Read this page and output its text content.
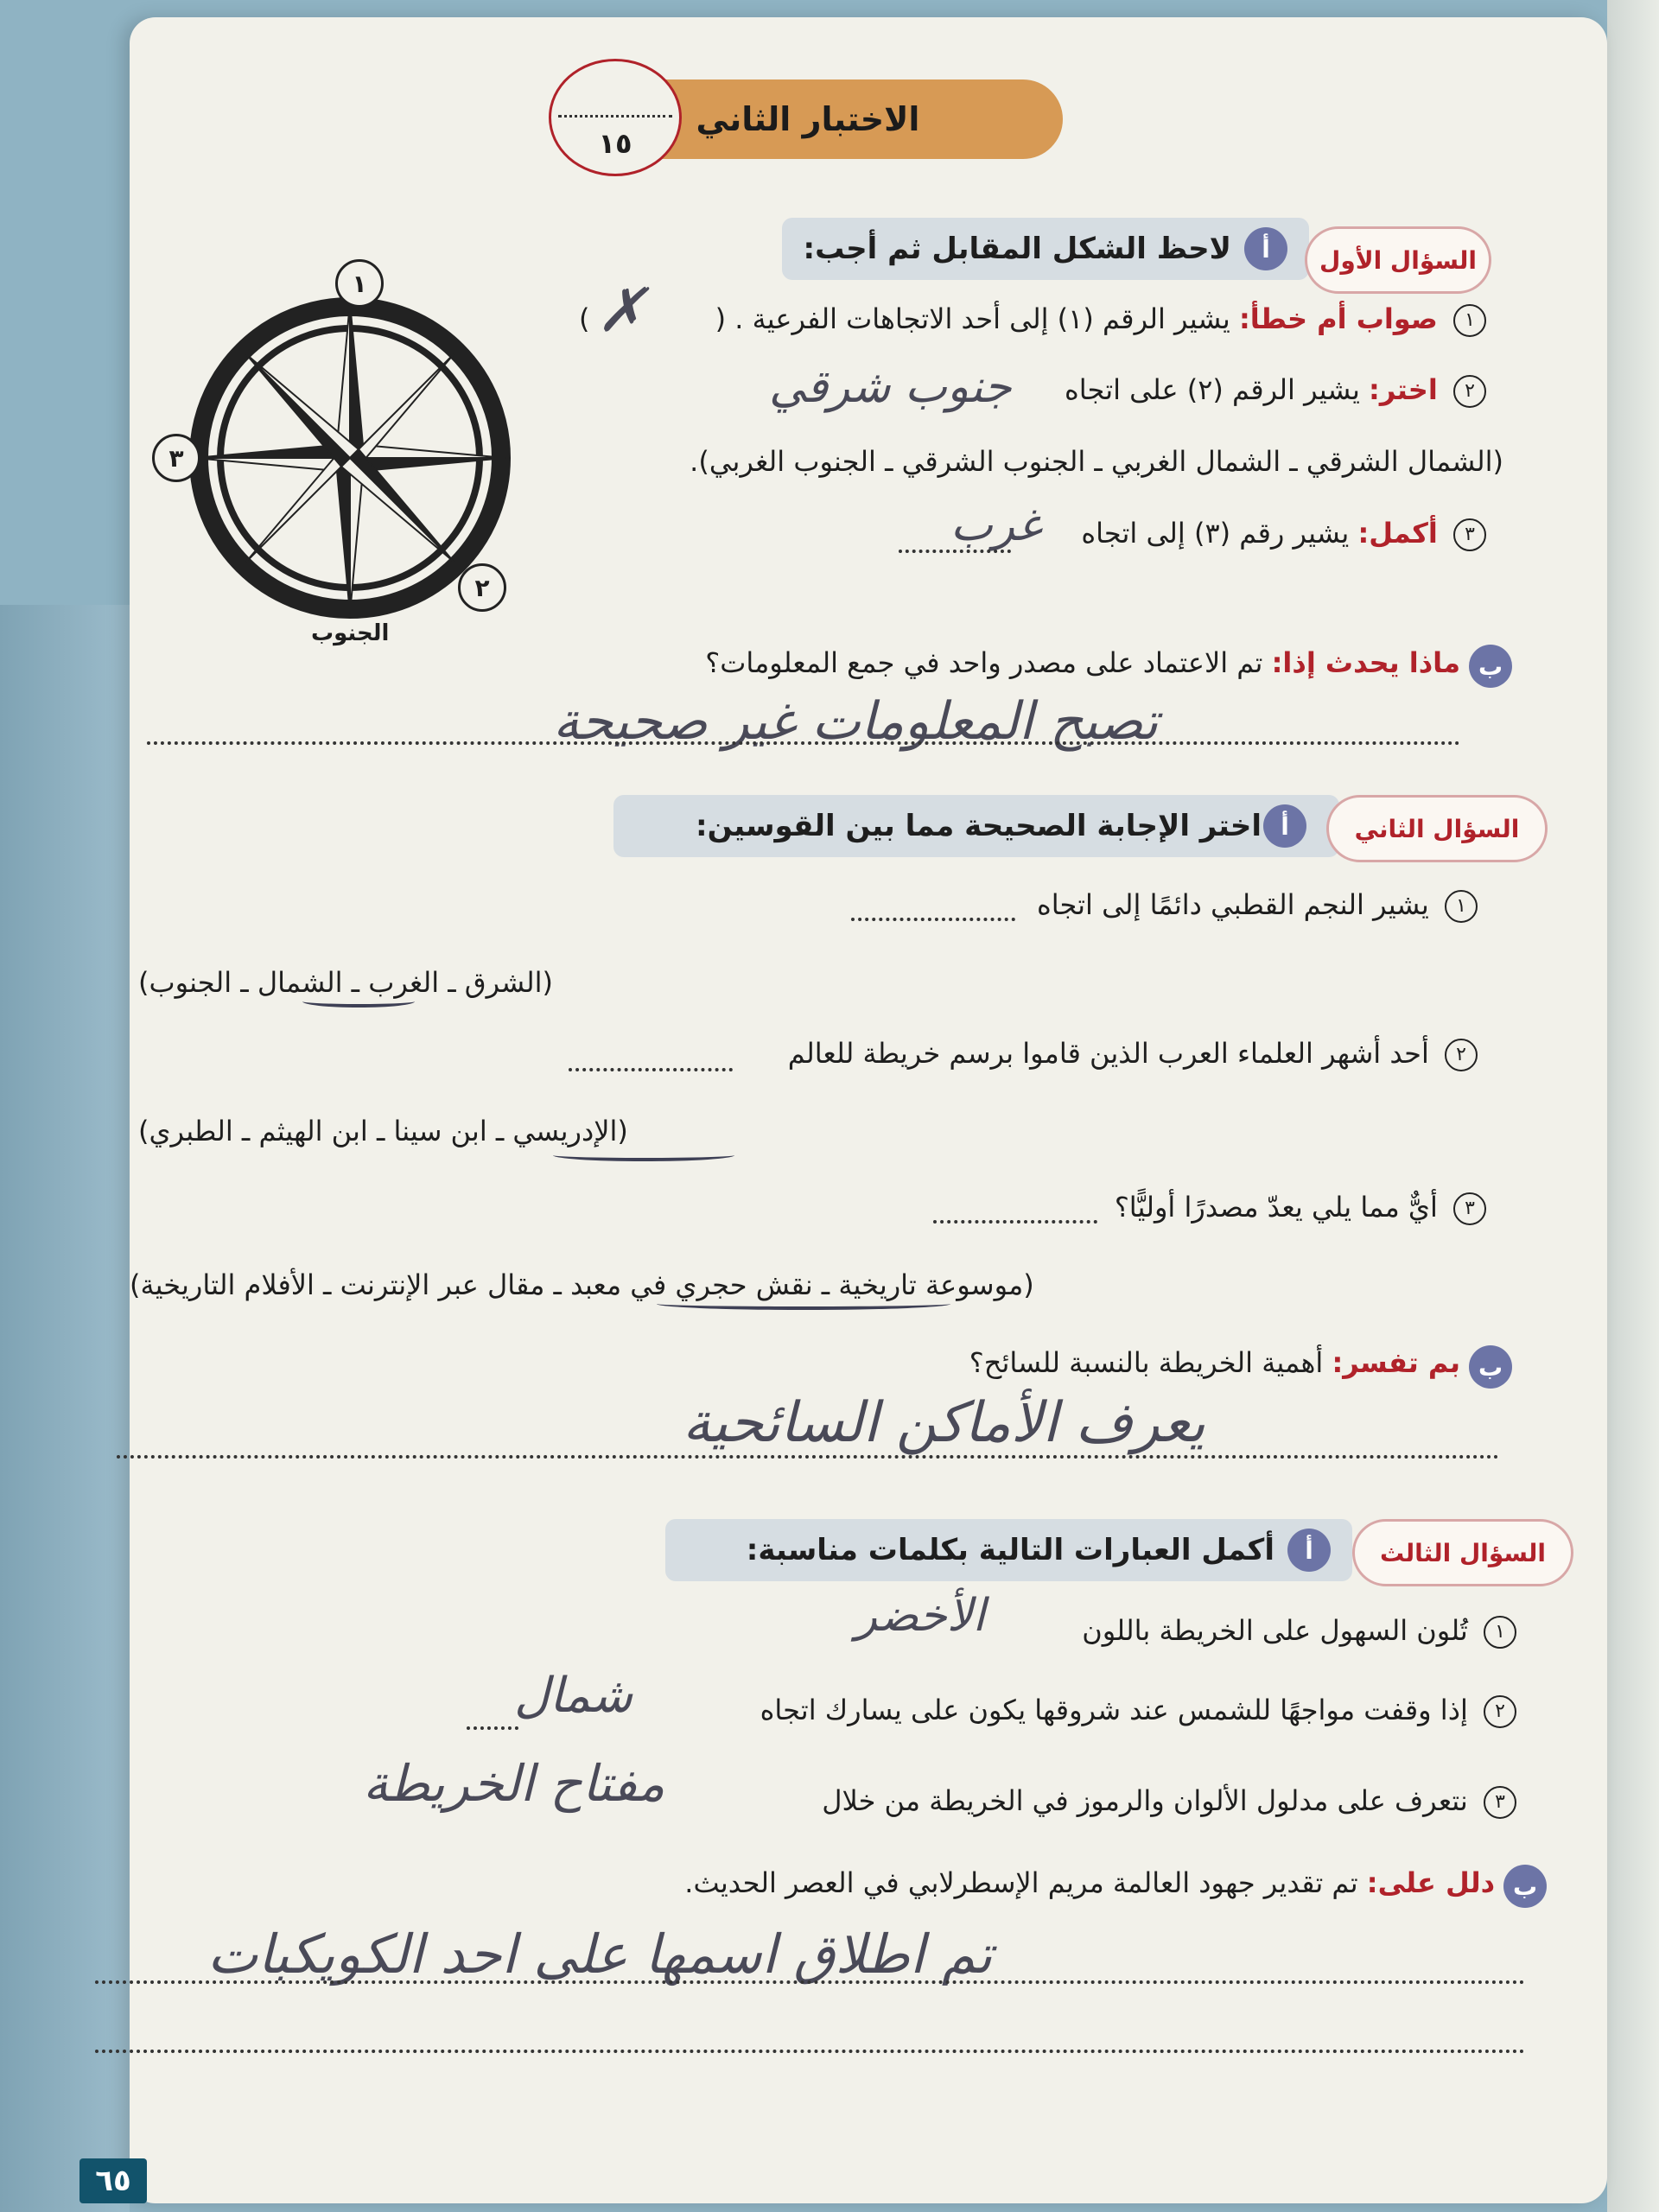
الاختبار الثاني
١٥
١
٢
٣
الجنوب
لاحظ الشكل المقابل ثم أجب:	أ	السؤال الأول
١ صواب أم خطأ: يشير الرقم (١) إلى أحد الاتجاهات الفرعية . (
✗
)
٢ اختر: يشير الرقم (٢) على اتجاه
جنوب شرقي
(الشمال الشرقي ـ الشمال الغربي ـ الجنوب الشرقي ـ الجنوب الغربي).
٣ أكمل: يشير رقم (٣) إلى اتجاه
غرب
ب
ماذا يحدث إذا: تم الاعتماد على مصدر واحد في جمع المعلومات؟
تصبح المعلومات غير صحيحة
اختر الإجابة الصحيحة مما بين القوسين: أ	السؤال الثاني
١ يشير النجم القطبي دائمًا إلى اتجاه
(الشرق ـ الغرب ـ الشمال ـ الجنوب)
٢ أحد أشهر العلماء العرب الذين قاموا برسم خريطة للعالم
(الإدريسي ـ ابن سينا ـ ابن الهيثم ـ الطبري)
٣ أيٌّ مما يلي يعدّ مصدرًا أوليًّا؟
(موسوعة تاريخية ـ نقش حجري في معبد ـ مقال عبر الإنترنت ـ الأفلام التاريخية)
ب
بم تفسر: أهمية الخريطة بالنسبة للسائح؟
يعرف الأماكن السائحية
أكمل العبارات التالية بكلمات مناسبة:	أ	السؤال الثالث
١ تُلون السهول على الخريطة باللون
الأخضر
٢ إذا وقفت مواجهًا للشمس عند شروقها يكون على يسارك اتجاه
شمال
٣ نتعرف على مدلول الألوان والرموز في الخريطة من خلال
مفتاح الخريطة
ب
دلل على: تم تقدير جهود العالمة مريم الإسطرلابي في العصر الحديث.
تم اطلاق اسمها على احد الكويكبات
٦٥
